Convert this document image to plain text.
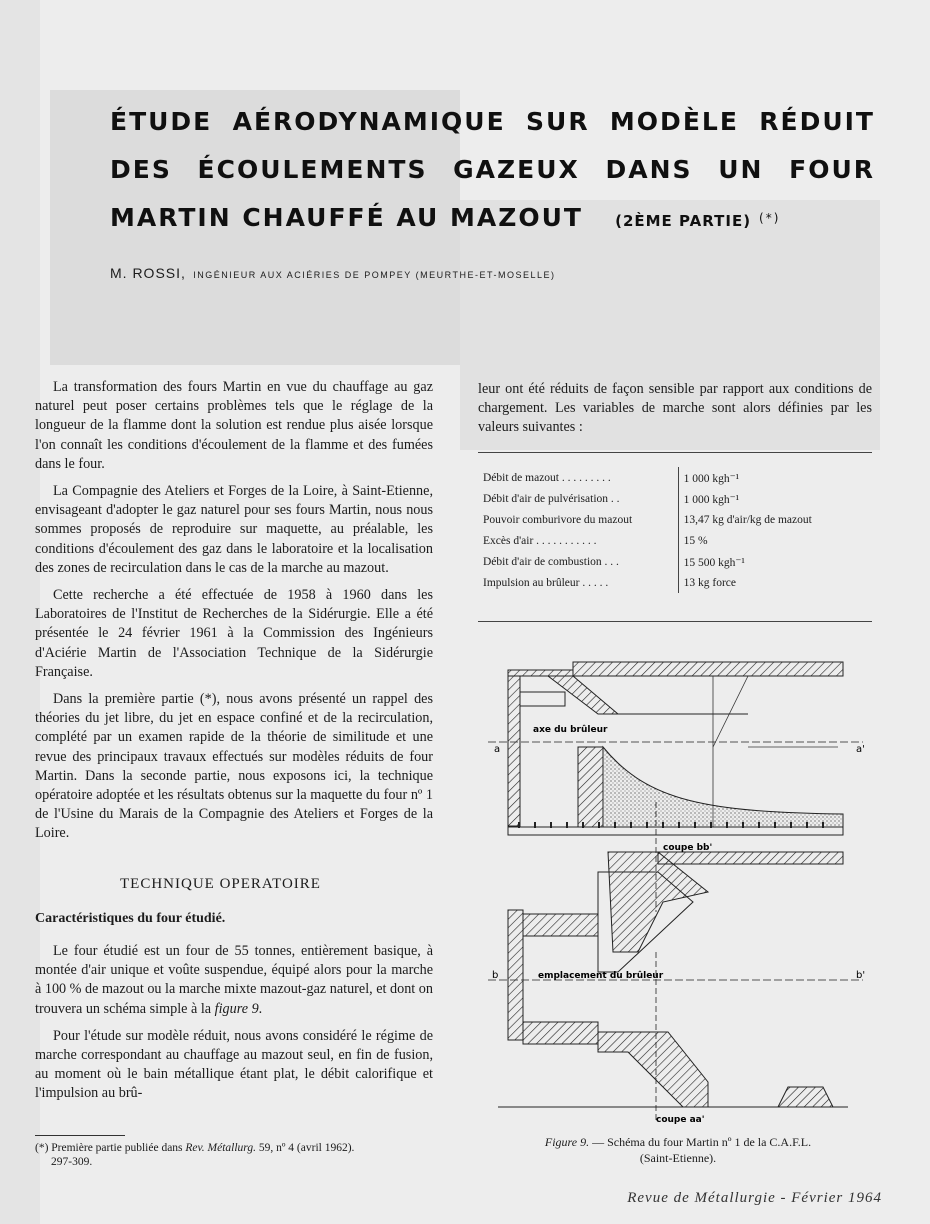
ÉTUDE AÉRODYNAMIQUE SUR MODÈLE RÉDUIT
DES ÉCOULEMENTS GAZEUX DANS UN FOUR
MARTIN CHAUFFÉ AU MAZOUT (2ÈME PARTIE) (*)
M. ROSSI, INGÉNIEUR AUX ACIÉRIES DE POMPEY (MEURTHE-ET-MOSELLE)

La transformation des fours Martin en vue du chauffage au gaz naturel peut poser certains problèmes tels que le réglage de la longueur de la flamme dont la solution est rendue plus aisée lorsque l'on connaît les conditions d'écoulement de la flamme et des fumées dans le four.

La Compagnie des Ateliers et Forges de la Loire, à Saint-Etienne, envisageant d'adopter le gaz naturel pour ses fours Martin, nous nous sommes proposés de reproduire sur maquette, au préalable, les conditions d'écoulement des gaz dans le laboratoire et la localisation des zones de recirculation dans le cas de la marche au mazout.

Cette recherche a été effectuée de 1958 à 1960 dans les Laboratoires de l'Institut de Recherches de la Sidérurgie. Elle a été présentée le 24 février 1961 à la Commission des Ingénieurs d'Aciérie Martin de l'Association Technique de la Sidérurgie Française.

Dans la première partie (*), nous avons présenté un rappel des théories du jet libre, du jet en espace confiné et de la recirculation, complété par un examen rapide de la théorie de similitude et une revue des principaux travaux effectués sur modèles réduits de four Martin. Dans la seconde partie, nous exposons ici, la technique opératoire adoptée et les résultats obtenus sur la maquette du four nº 1 de l'Usine du Marais de la Compagnie des Ateliers et Forges de la Loire.

TECHNIQUE OPERATOIRE
Caractéristiques du four étudié.

Le four étudié est un four de 55 tonnes, entièrement basique, à montée d'air unique et voûte suspendue, équipé alors pour la marche à 100 % de mazout ou la marche mixte mazout-gaz naturel, et dont on trouvera un schéma simple à la figure 9.

Pour l'étude sur modèle réduit, nous avons considéré le régime de marche correspondant au chauffage au mazout seul, en fin de fusion, au moment où le bain métallique étant plat, le débit calorifique et l'impulsion au brû-

(*) Première partie publiée dans Rev. Métallurg. 59, nº 4 (avril 1962).
297-309.

leur ont été réduits de façon sensible par rapport aux conditions de chargement. Les variables de marche sont alors définies par les valeurs suivantes :

Débit de mazout . . . . . . . . .	1 000 kgh⁻¹
Débit d'air de pulvérisation . .	1 000 kgh⁻¹
Pouvoir comburivore du mazout	13,47 kg d'air/kg de mazout
Excès d'air . . . . . . . . . . .	15 %
Débit d'air de combustion . . .	15 500 kgh⁻¹
Impulsion au brûleur . . . . .	13 kg force
axe du brûleur
a	a'
coupe bb'
emplacement du brûleur
b	b'
coupe aa'
Figure 9. — Schéma du four Martin nº 1 de la C.A.F.L.
(Saint-Etienne).
Revue de Métallurgie - Février 1964
